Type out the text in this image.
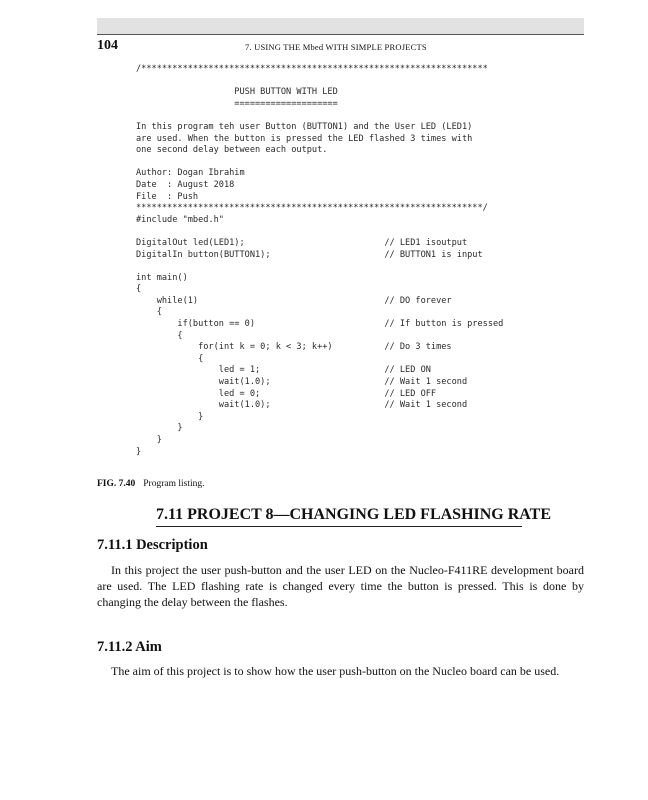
104	7. USING THE Mbed WITH SIMPLE PROJECTS
/*******************************************************************

PUSH BUTTON WITH LED
====================

In this program teh user Button (BUTTON1) and the User LED (LED1)
are used. When the button is pressed the LED flashed 3 times with
one second delay between each output.

Author: Dogan Ibrahim
Date  : August 2018
File  : Push
*******************************************************************/
#include "mbed.h"

DigitalOut led(LED1);                           // LED1 isoutput
DigitalIn button(BUTTON1);                      // BUTTON1 is input

int main()
{
while(1)                                    // DO forever
{
if(button == 0)                         // If button is pressed
{
for(int k = 0; k < 3; k++)          // Do 3 times
{
led = 1;                        // LED ON
wait(1.0);                      // Wait 1 second
led = 0;                        // LED OFF
wait(1.0);                      // Wait 1 second
}
}
}
}

FIG. 7.40 Program listing.
7.11 PROJECT 8—CHANGING LED FLASHING RATE
7.11.1 Description

In this project the user push-button and the user LED on the Nucleo-F411RE development board are used. The LED flashing rate is changed every time the button is pressed. This is done by changing the delay between the flashes.

7.11.2 Aim

The aim of this project is to show how the user push-button on the Nucleo board can be used.
